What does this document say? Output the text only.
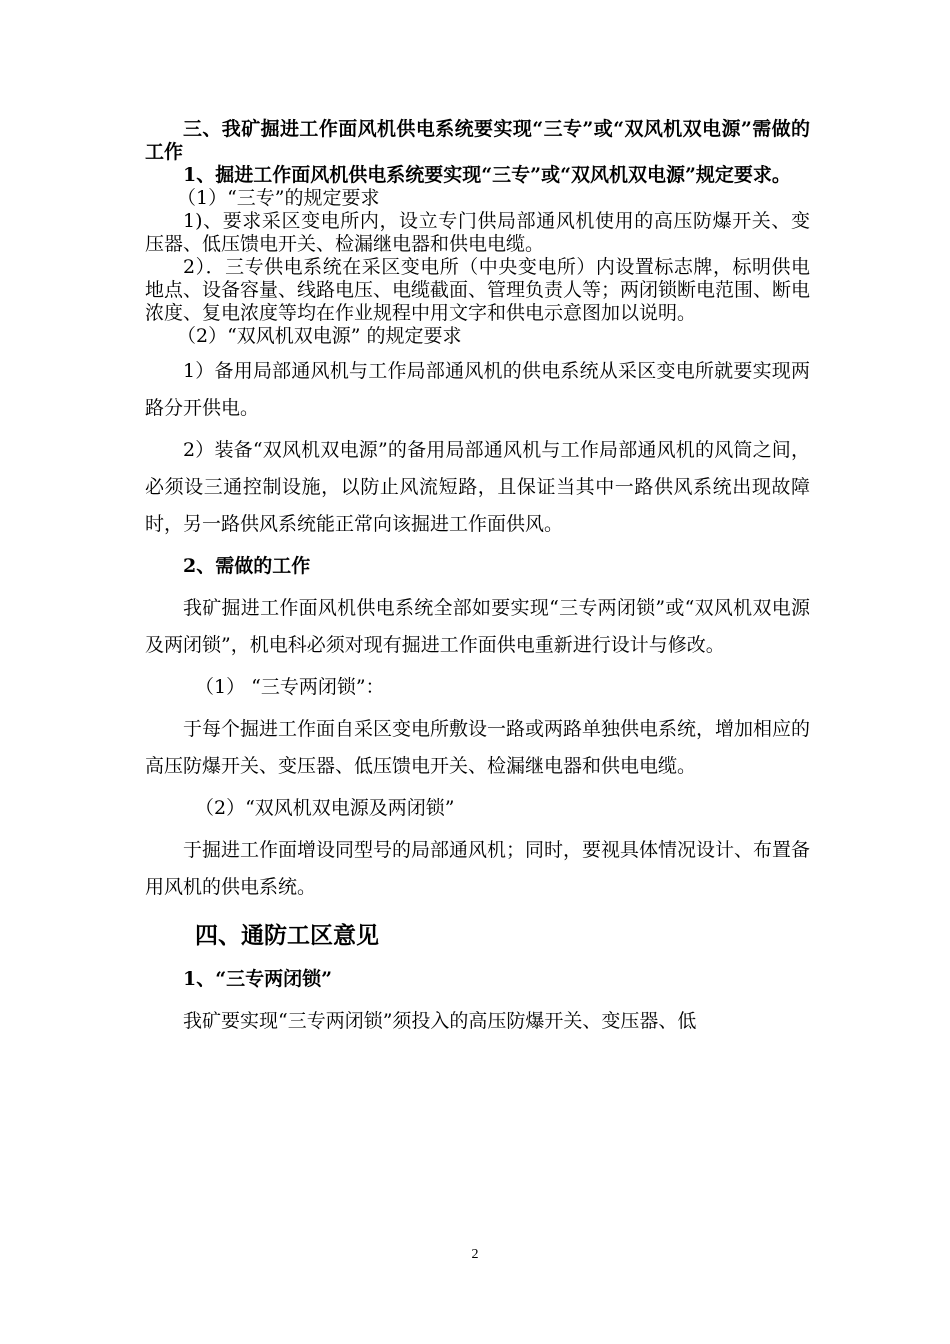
三、我矿掘进工作面风机供电系统要实现“三专”或“双风机双电源”需做的工作

1、掘进工作面风机供电系统要实现“三专”或“双风机双电源”规定要求。

（1）“三专”的规定要求

1)、要求采区变电所内，设立专门供局部通风机使用的高压防爆开关、变压器、低压馈电开关、检漏继电器和供电电缆。

2）．三专供电系统在采区变电所（中央变电所）内设置标志牌，标明供电地点、设备容量、线路电压、电缆截面、管理负责人等；两闭锁断电范围、断电浓度、复电浓度等均在作业规程中用文字和供电示意图加以说明。

（2）“双风机双电源” 的规定要求

1）备用局部通风机与工作局部通风机的供电系统从采区变电所就要实现两路分开供电。

2）装备“双风机双电源”的备用局部通风机与工作局部通风机的风筒之间，必须设三通控制设施，以防止风流短路，且保证当其中一路供风系统出现故障时，另一路供风系统能正常向该掘进工作面供风。

2、需做的工作

我矿掘进工作面风机供电系统全部如要实现“三专两闭锁”或“双风机双电源及两闭锁”，机电科必须对现有掘进工作面供电重新进行设计与修改。

（1） “三专两闭锁”：

于每个掘进工作面自采区变电所敷设一路或两路单独供电系统，增加相应的高压防爆开关、变压器、低压馈电开关、检漏继电器和供电电缆。

（2）“双风机双电源及两闭锁”

于掘进工作面增设同型号的局部通风机；同时，要视具体情况设计、布置备用风机的供电系统。

四、通防工区意见

1、“三专两闭锁”

我矿要实现“三专两闭锁”须投入的高压防爆开关、变压器、低

2
